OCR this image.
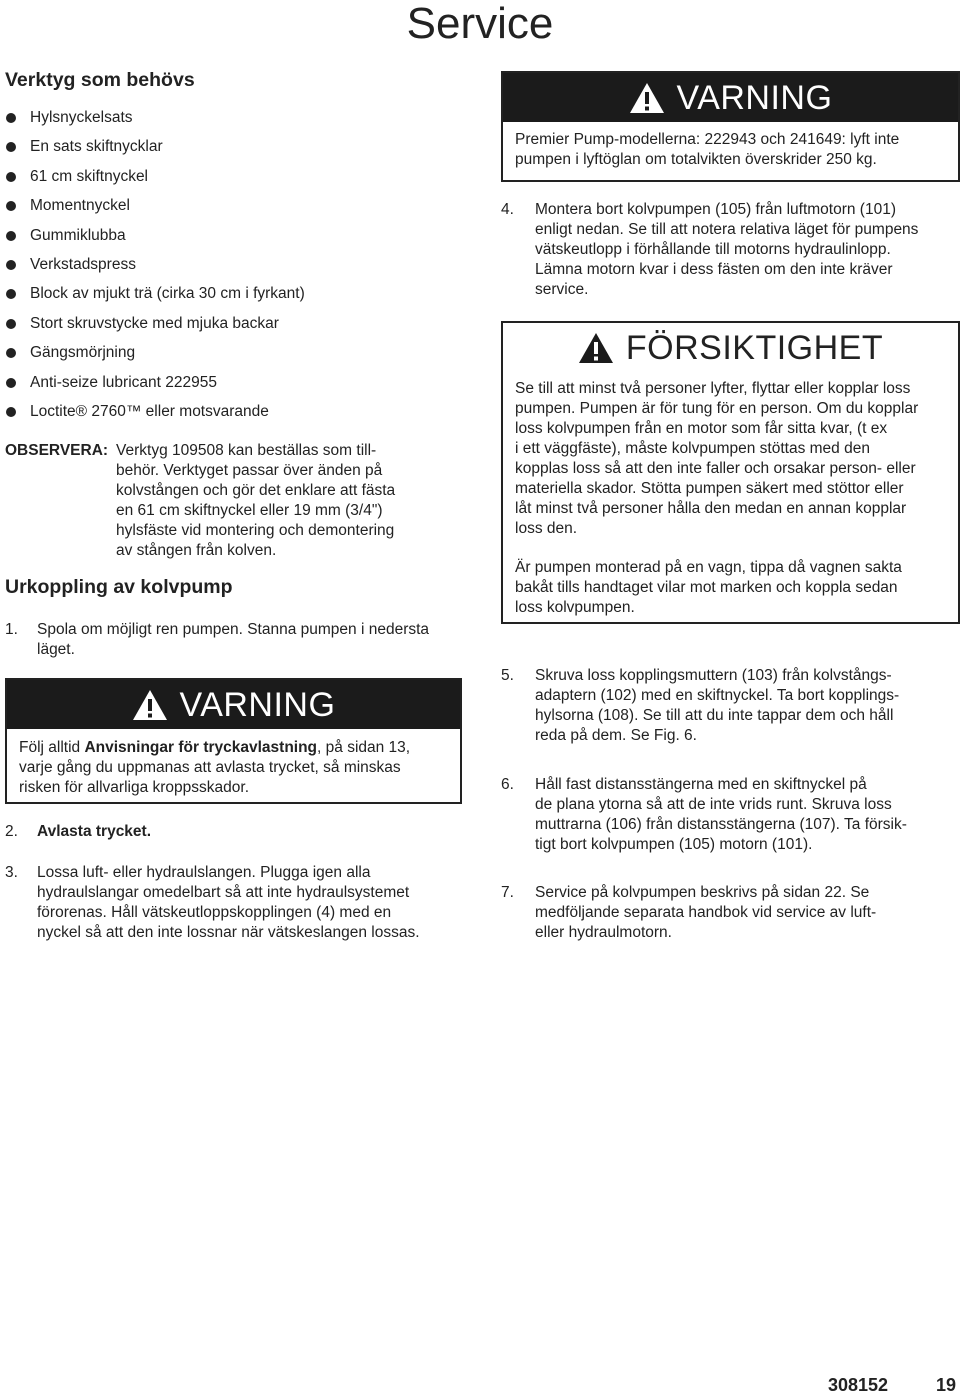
Service
Verktyg som behövs
Hylsnyckelsats
En sats skiftnycklar
61 cm skiftnyckel
Momentnyckel
Gummiklubba
Verkstadspress
Block av mjukt trä (cirka 30 cm i fyrkant)
Stort skruvstycke med mjuka backar
Gängsmörjning
Anti-seize lubricant 222955
Loctite® 2760™ eller motsvarande
OBSERVERA: Verktyg 109508 kan beställas som till-
behör. Verktyget passar över änden på
kolvstången och gör det enklare att fästa
en 61 cm skiftnyckel eller 19 mm (3/4")
hylsfäste vid montering och demontering
av stången från kolven.
Urkoppling av kolvpump
1. Spola om möjligt ren pumpen. Stanna pumpen i nedersta
läget.
VARNING
Följ alltid Anvisningar för tryckavlastning, på sidan 13,
varje gång du uppmanas att avlasta trycket, så minskas
risken för allvarliga kroppsskador.
2. Avlasta trycket.
3. Lossa luft- eller hydraulslangen. Plugga igen alla
hydraulslangar omedelbart så att inte hydraulsystemet
förorenas. Håll vätskeutloppskopplingen (4) med en
nyckel så att den inte lossnar när vätskeslangen lossas.
VARNING
Premier Pump-modellerna: 222943 och 241649: lyft inte
pumpen i lyftöglan om totalvikten överskrider 250 kg.
4. Montera bort kolvpumpen (105) från luftmotorn (101)
enligt nedan. Se till att notera relativa läget för pumpens
vätskeutlopp i förhållande till motorns hydraulinlopp.
Lämna motorn kvar i dess fästen om den inte kräver
service.
FÖRSIKTIGHET
Se till att minst två personer lyfter, flyttar eller kopplar loss
pumpen. Pumpen är för tung för en person. Om du kopplar
loss kolvpumpen från en motor som får sitta kvar, (t ex
i ett väggfäste), måste kolvpumpen stöttas med den
kopplas loss så att den inte faller och orsakar person- eller
materiella skador. Stötta pumpen säkert med stöttor eller
låt minst två personer hålla den medan en annan kopplar
loss den.
Är pumpen monterad på en vagn, tippa då vagnen sakta
bakåt tills handtaget vilar mot marken och koppla sedan
loss kolvpumpen.
5. Skruva loss kopplingsmuttern (103) från kolvstångs-
adaptern (102) med en skiftnyckel. Ta bort kopplings-
hylsorna (108). Se till att du inte tappar dem och håll
reda på dem. Se Fig. 6.
6. Håll fast distansstängerna med en skiftnyckel på
de plana ytorna så att de inte vrids runt. Skruva loss
muttrarna (106) från distansstängerna (107). Ta försik-
tigt bort kolvpumpen (105) motorn (101).
7. Service på kolvpumpen beskrivs på sidan 22. Se
medföljande separata handbok vid service av luft-
eller hydraulmotorn.
308152	19
